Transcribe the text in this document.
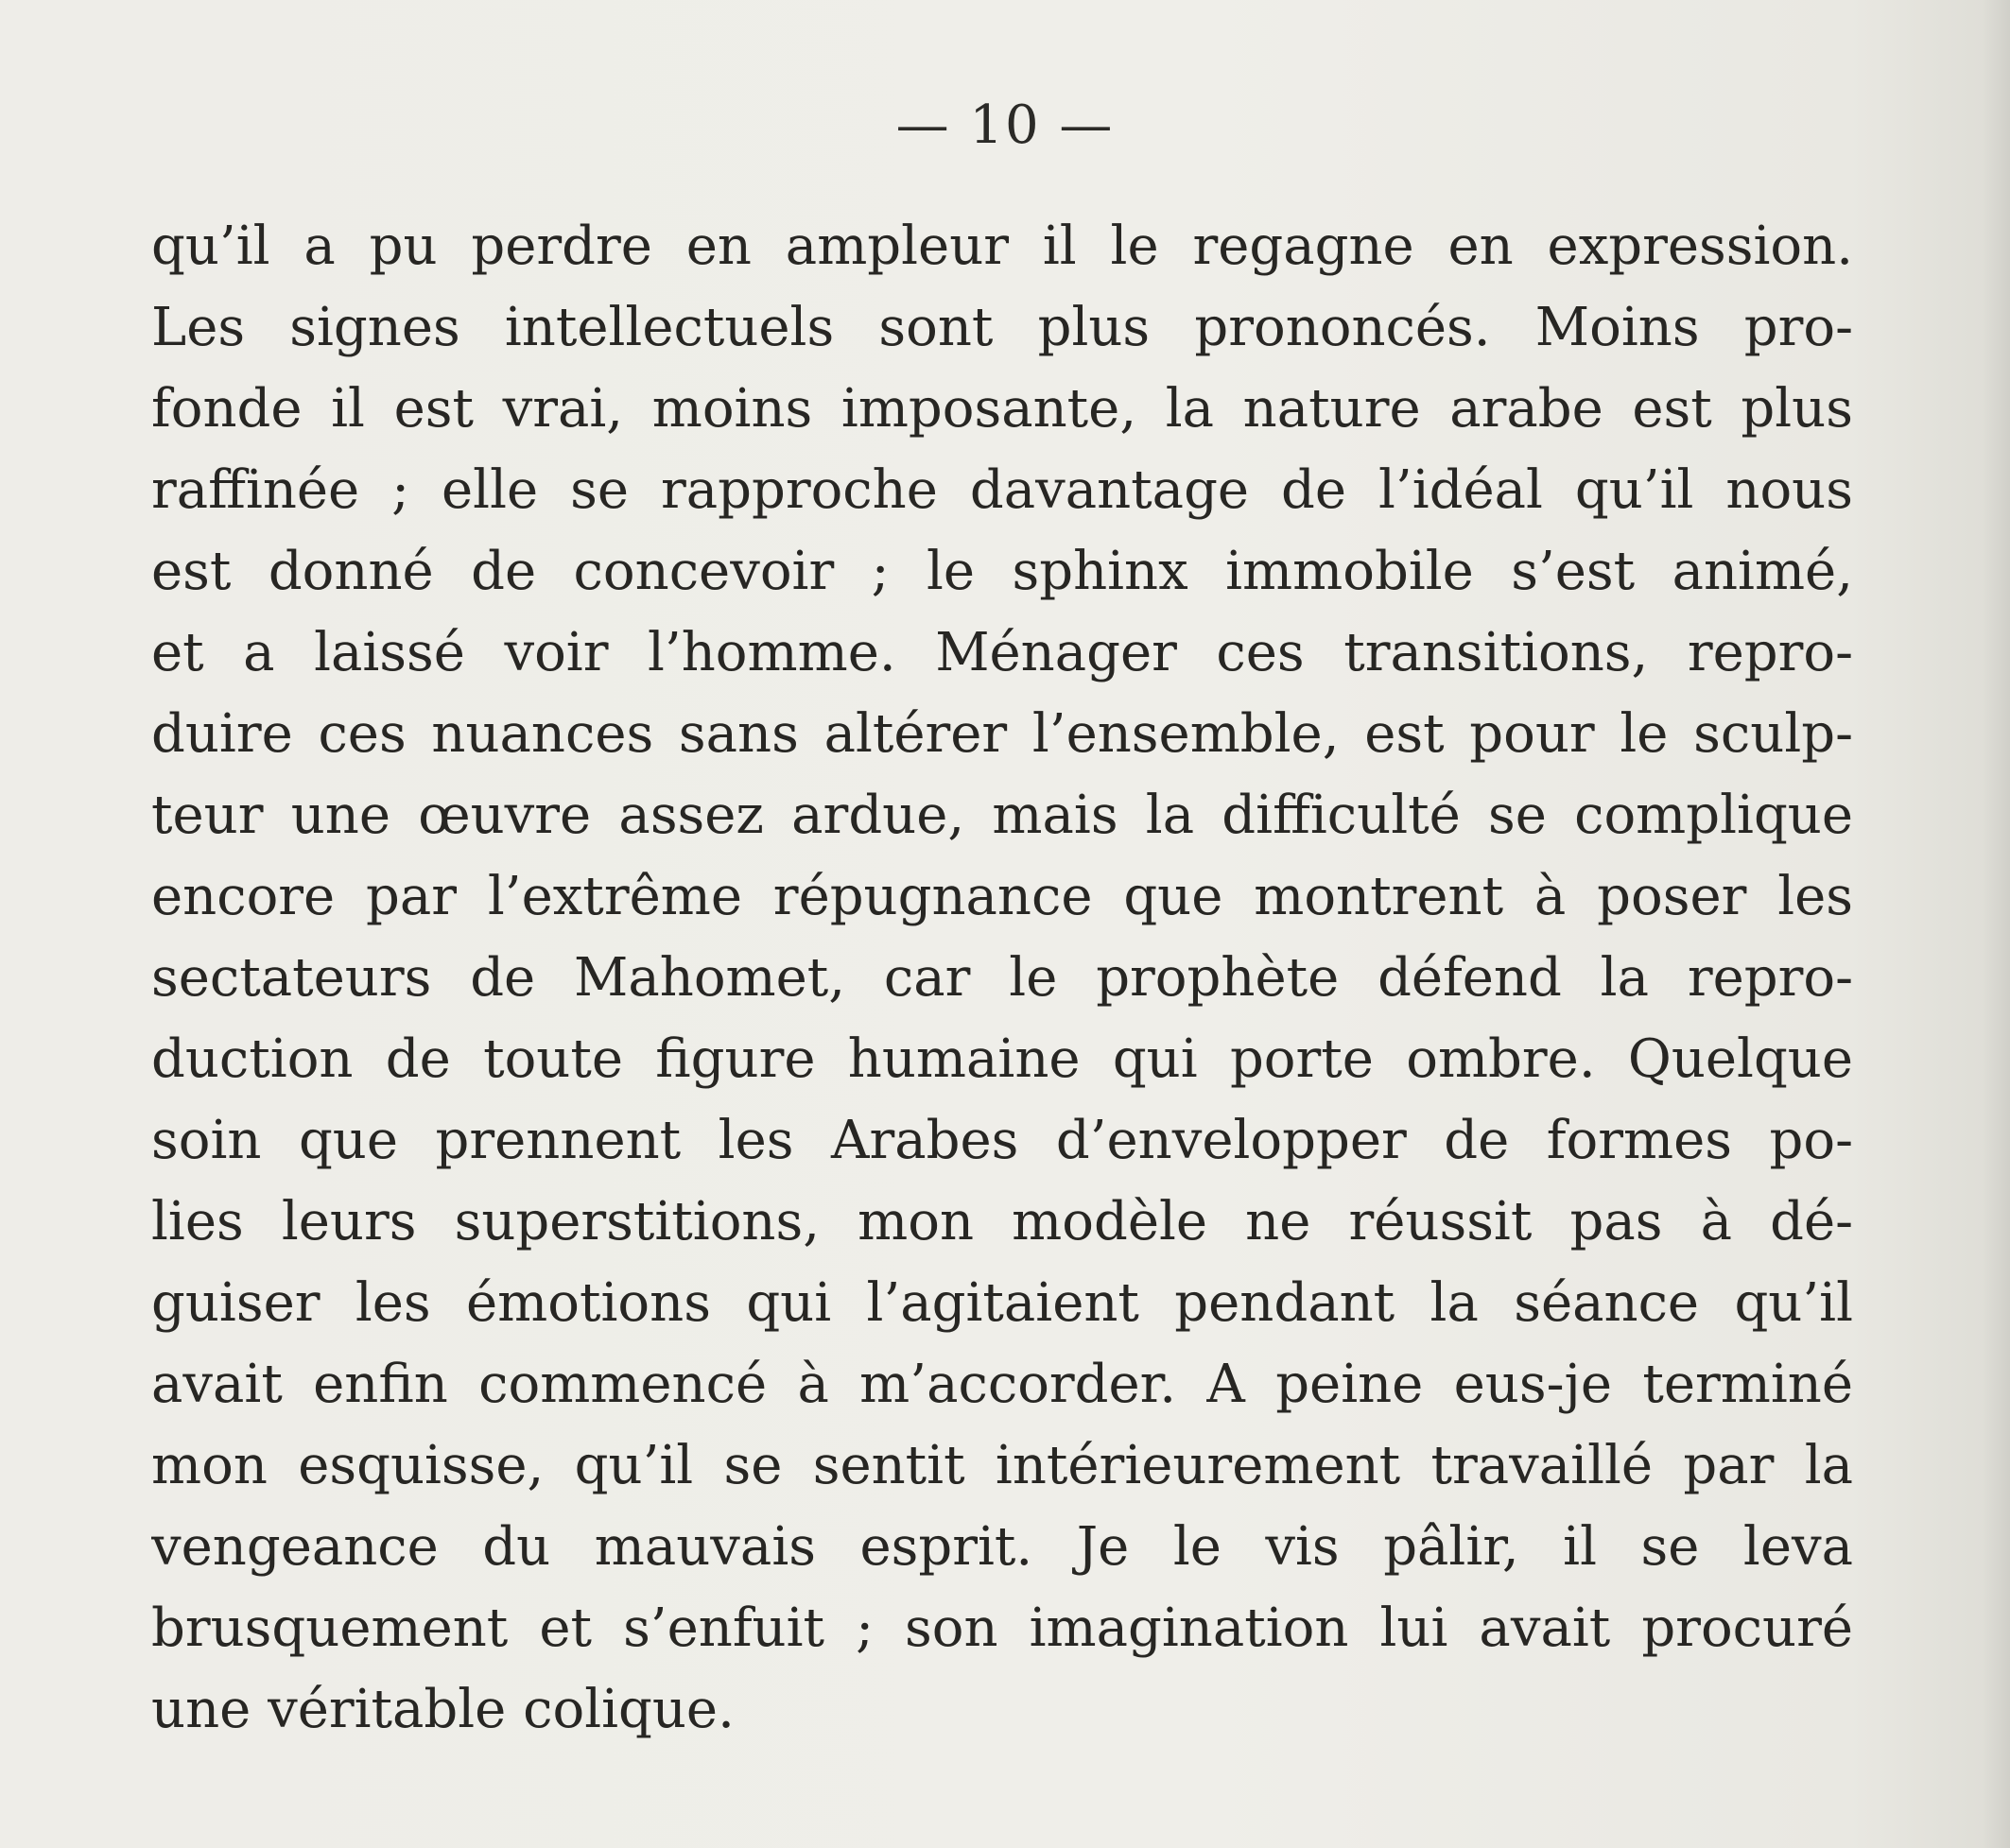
— 10 —
qu’il a pu perdre en ampleur il le regagne en expression.
Les signes intellectuels sont plus prononcés. Moins pro-
fonde il est vrai, moins imposante, la nature arabe est plus
raffinée ; elle se rapproche davantage de l’idéal qu’il nous
est donné de concevoir ; le sphinx immobile s’est animé,
et a laissé voir l’homme. Ménager ces transitions, repro-
duire ces nuances sans altérer l’ensemble, est pour le sculp-
teur une œuvre assez ardue, mais la difficulté se complique
encore par l’extrême répugnance que montrent à poser les
sectateurs de Mahomet, car le prophète défend la repro-
duction de toute figure humaine qui porte ombre. Quelque
soin que prennent les Arabes d’envelopper de formes po-
lies leurs superstitions, mon modèle ne réussit pas à dé-
guiser les émotions qui l’agitaient pendant la séance qu’il
avait enfin commencé à m’accorder. A peine eus-je terminé
mon esquisse, qu’il se sentit intérieurement travaillé par la
vengeance du mauvais esprit. Je le vis pâlir, il se leva
brusquement et s’enfuit ; son imagination lui avait procuré
une véritable colique.
